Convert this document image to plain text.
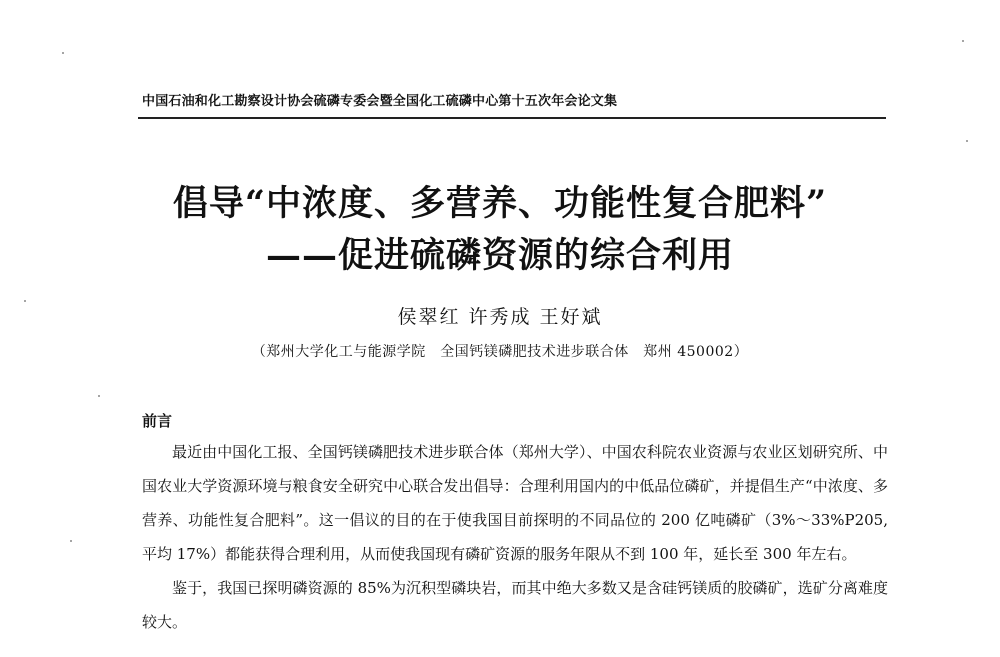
中国石油和化工勘察设计协会硫磷专委会暨全国化工硫磷中心第十五次年会论文集
倡导“中浓度、多营养、功能性复合肥料”
——促进硫磷资源的综合利用
侯翠红 许秀成 王好斌
（郑州大学化工与能源学院　全国钙镁磷肥技术进步联合体　郑州 450002）
前言

最近由中国化工报、全国钙镁磷肥技术进步联合体（郑州大学）、中国农科院农业资源与农业区划研究所、中国农业大学资源环境与粮食安全研究中心联合发出倡导：合理利用国内的中低品位磷矿，并提倡生产“中浓度、多营养、功能性复合肥料”。这一倡议的目的在于使我国目前探明的不同品位的 200 亿吨磷矿（3%～33%P205,平均 17%）都能获得合理利用，从而使我国现有磷矿资源的服务年限从不到 100 年，延长至 300 年左右。

鉴于，我国已探明磷资源的 85%为沉积型磷块岩，而其中绝大多数又是含硅钙镁质的胶磷矿，选矿分离难度较大。
